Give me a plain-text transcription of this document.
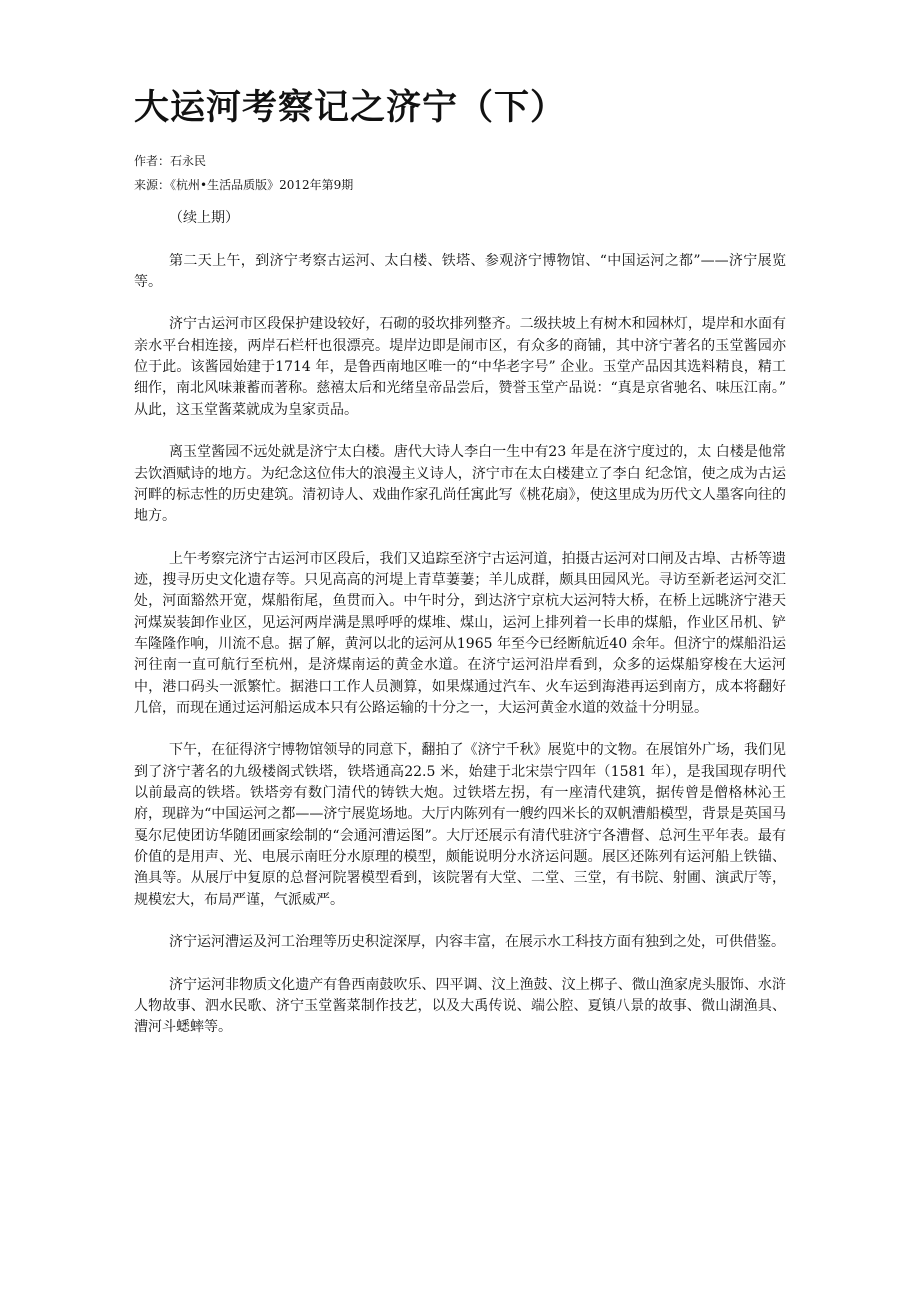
大运河考察记之济宁（下）
作者：石永民
来源：《杭州•生活品质版》2012年第9期

（续上期）

第二天上午，到济宁考察古运河、太白楼、铁塔、参观济宁博物馆、“中国运河之都”——济宁展览等。

济宁古运河市区段保护建设较好，石砌的驳坎排列整齐。二级扶坡上有树木和园林灯，堤岸和水面有亲水平台相连接，两岸石栏杆也很漂亮。堤岸边即是闹市区，有众多的商铺，其中济宁著名的玉堂酱园亦位于此。该酱园始建于1714 年，是鲁西南地区唯一的“中华老字号” 企业。玉堂产品因其选料精良，精工细作，南北风味兼蓄而著称。慈禧太后和光绪皇帝品尝后，赞誉玉堂产品说：“真是京省驰名、味压江南。” 从此，这玉堂酱菜就成为皇家贡品。

离玉堂酱园不远处就是济宁太白楼。唐代大诗人李白一生中有23 年是在济宁度过的，太 白楼是他常去饮酒赋诗的地方。为纪念这位伟大的浪漫主义诗人，济宁市在太白楼建立了李白 纪念馆，使之成为古运河畔的标志性的历史建筑。清初诗人、戏曲作家孔尚任寓此写《桃花扇》，使这里成为历代文人墨客向往的地方。

上午考察完济宁古运河市区段后，我们又追踪至济宁古运河道，拍摄古运河对口闸及古埠、古桥等遗迹，搜寻历史文化遗存等。只见高高的河堤上青草萋萋；羊儿成群，颇具田园风光。寻访至新老运河交汇处，河面豁然开宽，煤船衔尾，鱼贯而入。中午时分，到达济宁京杭大运河特大桥，在桥上远眺济宁港天河煤炭装卸作业区，见运河两岸满是黑呼呼的煤堆、煤山，运河上排列着一长串的煤船，作业区吊机、铲车隆隆作响，川流不息。据了解，黄河以北的运河从1965 年至今已经断航近40 余年。但济宁的煤船沿运河往南一直可航行至杭州，是济煤南运的黄金水道。在济宁运河沿岸看到，众多的运煤船穿梭在大运河中，港口码头一派繁忙。据港口工作人员测算，如果煤通过汽车、火车运到海港再运到南方，成本将翻好几倍，而现在通过运河船运成本只有公路运输的十分之一，大运河黄金水道的效益十分明显。

下午，在征得济宁博物馆领导的同意下，翻拍了《济宁千秋》展览中的文物。在展馆外广场，我们见到了济宁著名的九级楼阁式铁塔，铁塔通高22.5 米，始建于北宋崇宁四年（1581 年），是我国现存明代以前最高的铁塔。铁塔旁有数门清代的铸铁大炮。过铁塔左拐，有一座清代建筑，据传曾是僧格林沁王府，现辟为“中国运河之都——济宁展览场地。大厅内陈列有一艘约四米长的双帆漕船模型，背景是英国马戛尔尼使团访华随团画家绘制的“会通河漕运图”。大厅还展示有清代驻济宁各漕督、总河生平年表。最有价值的是用声、光、电展示南旺分水原理的模型，颇能说明分水济运问题。展区还陈列有运河船上铁锚、渔具等。从展厅中复原的总督河院署模型看到，该院署有大堂、二堂、三堂，有书院、射圃、演武厅等，规模宏大，布局严谨，气派威严。

济宁运河漕运及河工治理等历史积淀深厚，内容丰富，在展示水工科技方面有独到之处，可供借鉴。

济宁运河非物质文化遗产有鲁西南鼓吹乐、四平调、汶上渔鼓、汶上梆子、微山渔家虎头服饰、水浒人物故事、泗水民歌、济宁玉堂酱菜制作技艺，以及大禹传说、端公腔、夏镇八景的故事、微山湖渔具、漕河斗蟋蟀等。
